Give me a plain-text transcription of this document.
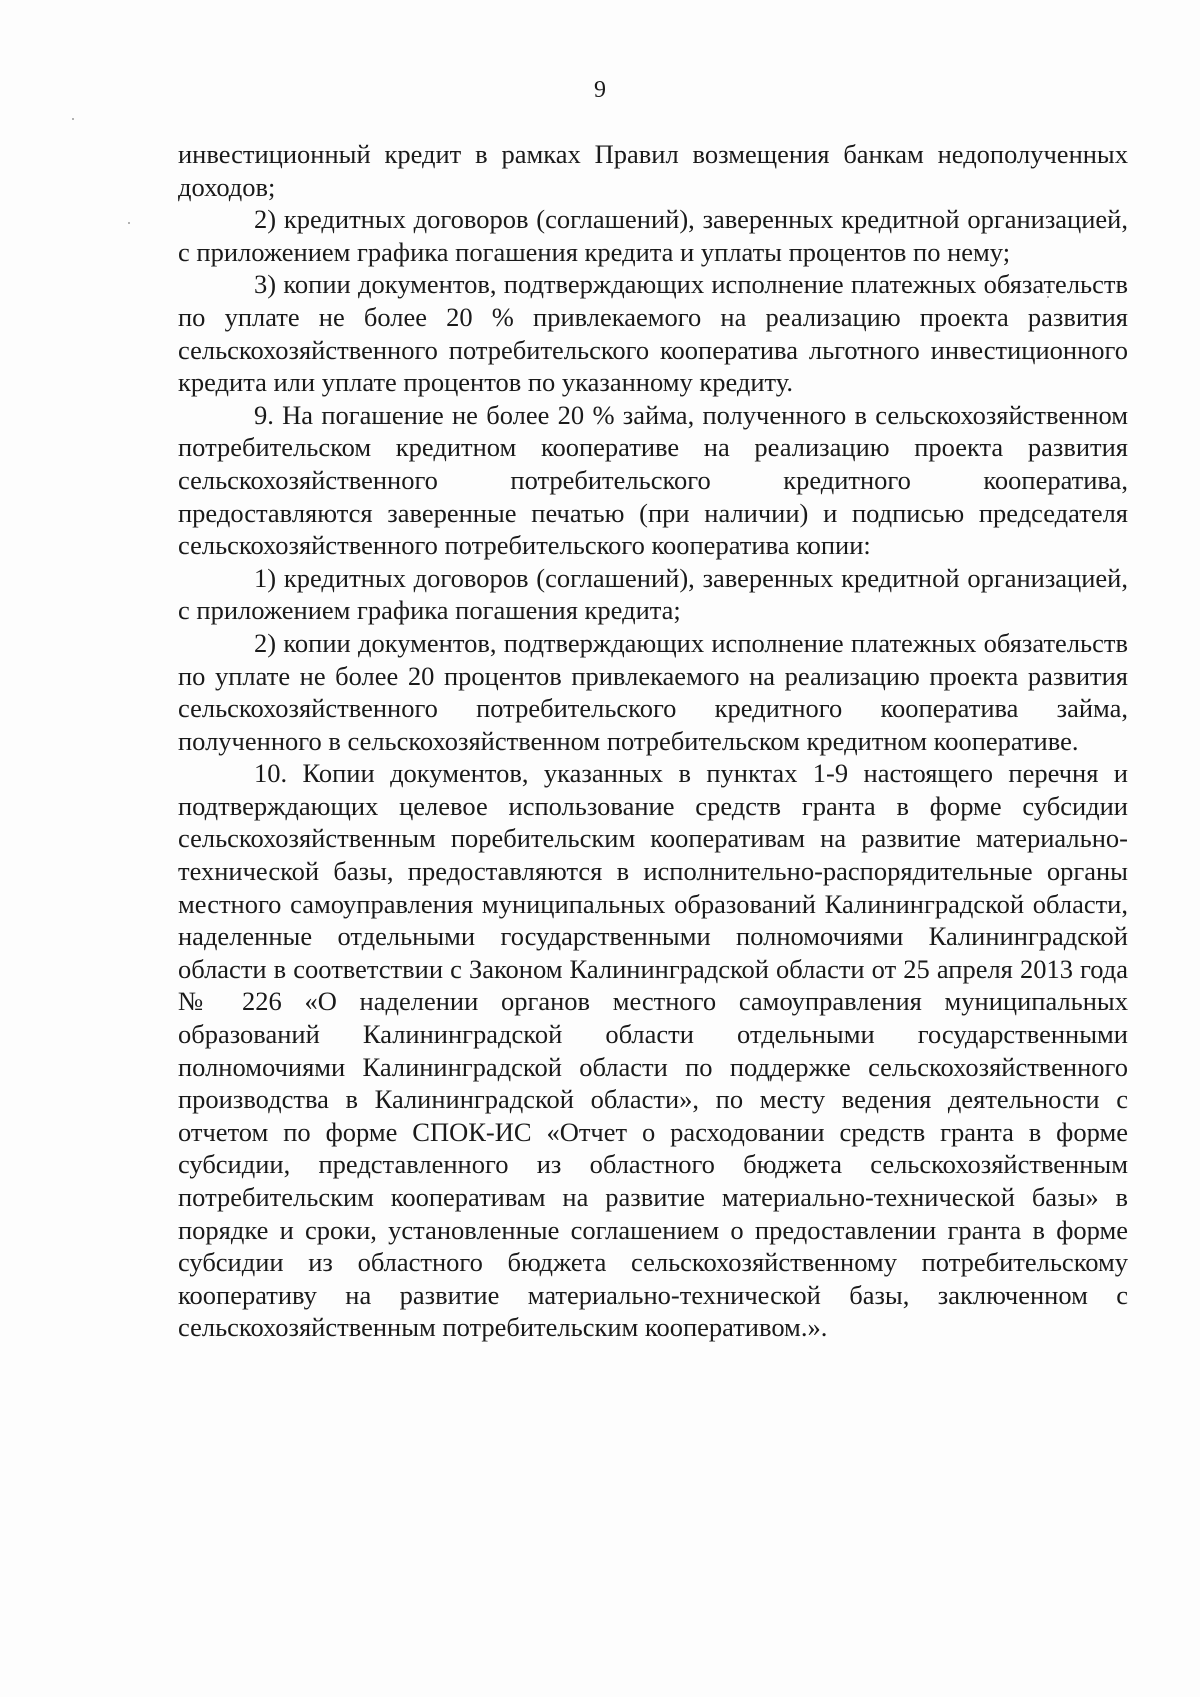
9

инвестиционный кредит в рамках Правил возмещения банкам недополученных доходов;

2) кредитных договоров (соглашений), заверенных кредитной организацией, с приложением графика погашения кредита и уплаты процентов по нему;

3) копии документов, подтверждающих исполнение платежных обязательств по уплате не более 20 % привлекаемого на реализацию проекта развития сельскохозяйственного потребительского кооператива льготного инвестиционного кредита или уплате процентов по указанному кредиту.

9. На погашение не более 20 % займа, полученного в сельскохозяйственном потребительском кредитном кооперативе на реализацию проекта развития сельскохозяйственного потребительского кредитного кооператива, предоставляются заверенные печатью (при наличии) и подписью председателя сельскохозяйственного потребительского кооператива копии:

1) кредитных договоров (соглашений), заверенных кредитной организацией, с приложением графика погашения кредита;

2) копии документов, подтверждающих исполнение платежных обязательств по уплате не более 20 процентов привлекаемого на реализацию проекта развития сельскохозяйственного потребительского кредитного кооператива займа, полученного в сельскохозяйственном потребительском кредитном кооперативе.

10. Копии документов, указанных в пунктах 1-9 настоящего перечня и подтверждающих целевое использование средств гранта в форме субсидии сельскохозяйственным поребительским кооперативам на развитие материально-технической базы, предоставляются в исполнительно-распорядительные органы местного самоуправления муниципальных образований Калининградской области, наделенные отдельными государственными полномочиями Калининградской области в соответствии с Законом Калининградской области от 25 апреля 2013 года № 226 «О наделении органов местного самоуправления муниципальных образований Калининградской области отдельными государственными полномочиями Калининградской области по поддержке сельскохозяйственного производства в Калининградской области», по месту ведения деятельности с отчетом по форме СПОК-ИС «Отчет о расходовании средств гранта в форме субсидии, представленного из областного бюджета сельскохозяйственным потребительским кооперативам на развитие материально-технической базы» в порядке и сроки, установленные соглашением о предоставлении гранта в форме субсидии из областного бюджета сельскохозяйственному потребительскому кооперативу на развитие материально-технической базы, заключенном с сельскохозяйственным потребительским кооперативом.».
